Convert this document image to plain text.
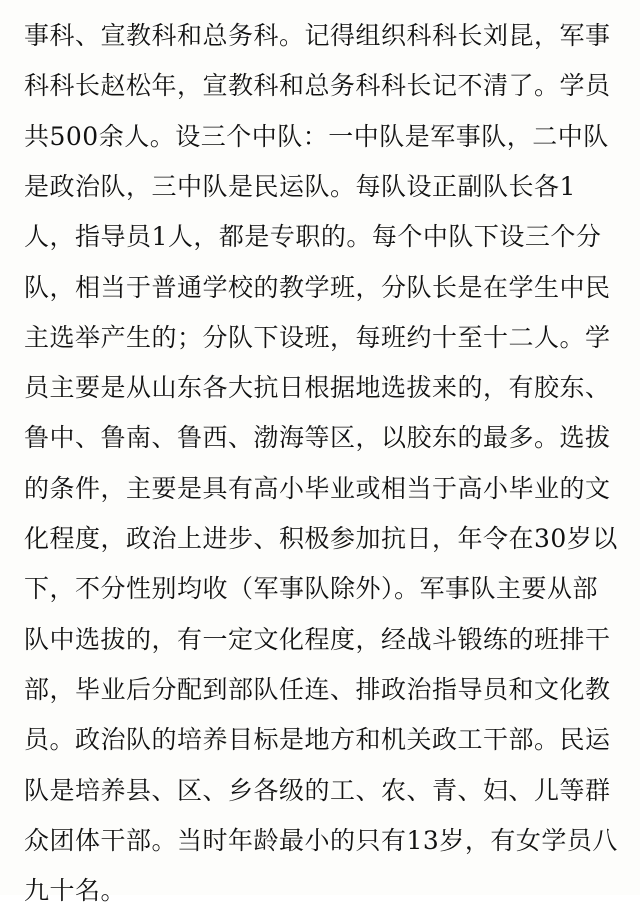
事科、宣教科和总务科。记得组织科科长刘昆，军事
科科长赵松年，宣教科和总务科科长记不清了。学员
共500余人。设三个中队：一中队是军事队，二中队
是政治队，三中队是民运队。每队设正副队长各1
人，指导员1人，都是专职的。每个中队下设三个分
队，相当于普通学校的教学班，分队长是在学生中民
主选举产生的；分队下设班，每班约十至十二人。学
员主要是从山东各大抗日根据地选拔来的，有胶东、
鲁中、鲁南、鲁西、渤海等区，以胶东的最多。选拔
的条件，主要是具有高小毕业或相当于高小毕业的文
化程度，政治上进步、积极参加抗日，年令在30岁以
下，不分性别均收（军事队除外）。军事队主要从部
队中选拔的，有一定文化程度，经战斗锻练的班排干
部，毕业后分配到部队任连、排政治指导员和文化教
员。政治队的培养目标是地方和机关政工干部。民运
队是培养县、区、乡各级的工、农、青、妇、儿等群
众团体干部。当时年龄最小的只有13岁，有女学员八
九十名。
